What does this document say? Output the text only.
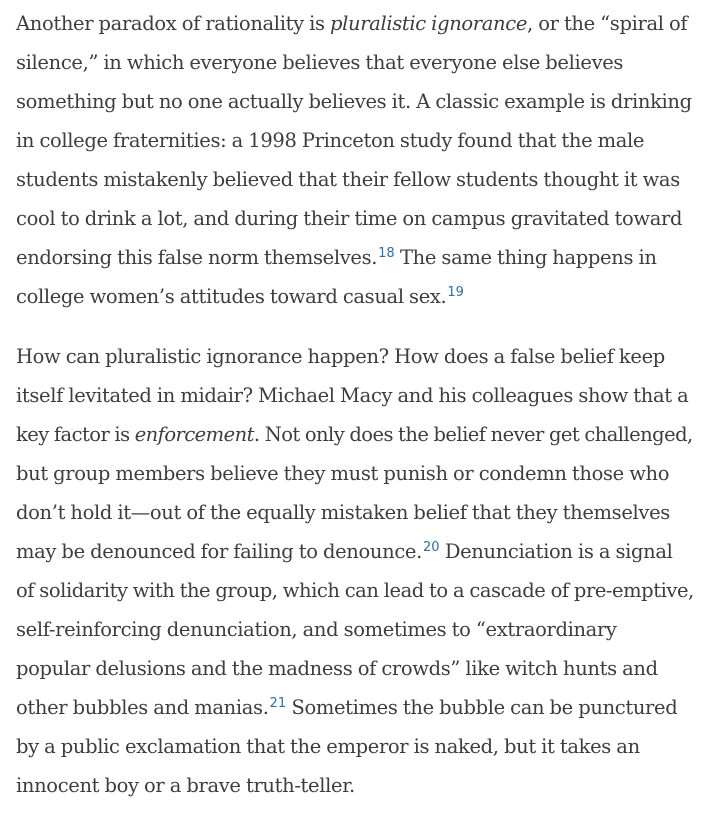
Another paradox of rationality is pluralistic ignorance, or the “spiral of
silence,” in which everyone believes that everyone else believes
something but no one actually believes it. A classic example is drinking
in college fraternities: a 1998 Princeton study found that the male
students mistakenly believed that their fellow students thought it was
cool to drink a lot, and during their time on campus gravitated toward
endorsing this false norm themselves.$^{18}$ The same thing happens in
college women’s attitudes toward casual sex.$^{19}$

How can pluralistic ignorance happen? How does a false belief keep
itself levitated in midair? Michael Macy and his colleagues show that a
key factor is enforcement. Not only does the belief never get challenged,
but group members believe they must punish or condemn those who
don’t hold it—out of the equally mistaken belief that they themselves
may be denounced for failing to denounce.$^{20}$ Denunciation is a signal
of solidarity with the group, which can lead to a cascade of pre-emptive,
self-reinforcing denunciation, and sometimes to “extraordinary
popular delusions and the madness of crowds” like witch hunts and
other bubbles and manias.$^{21}$ Sometimes the bubble can be punctured
by a public exclamation that the emperor is naked, but it takes an
innocent boy or a brave truth-teller.
